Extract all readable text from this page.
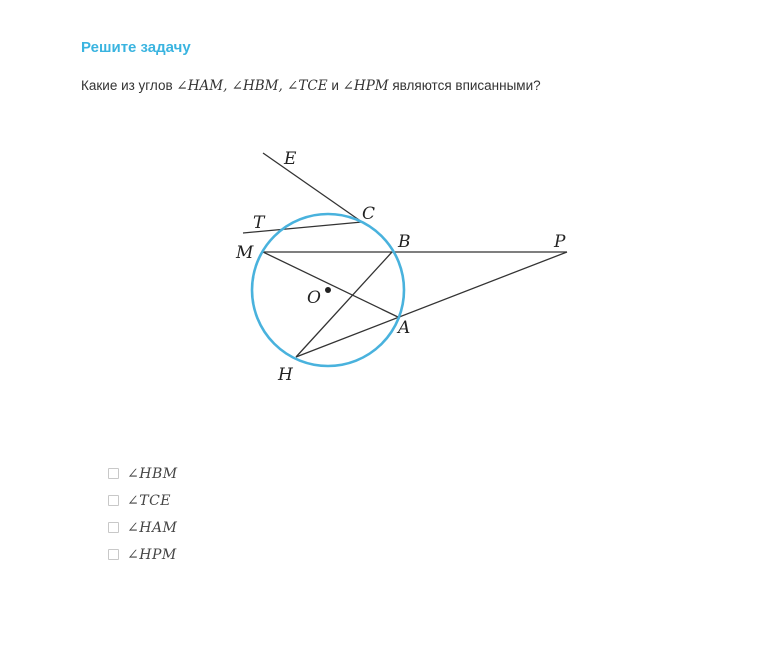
Решите задачу
Какие из углов ∠HAM, ∠HBM, ∠TCE и ∠HPM являются вписанными?
E
C
T
M
B	P
O
A
H
∠HBM
∠TCE
∠HAM
∠HPM
